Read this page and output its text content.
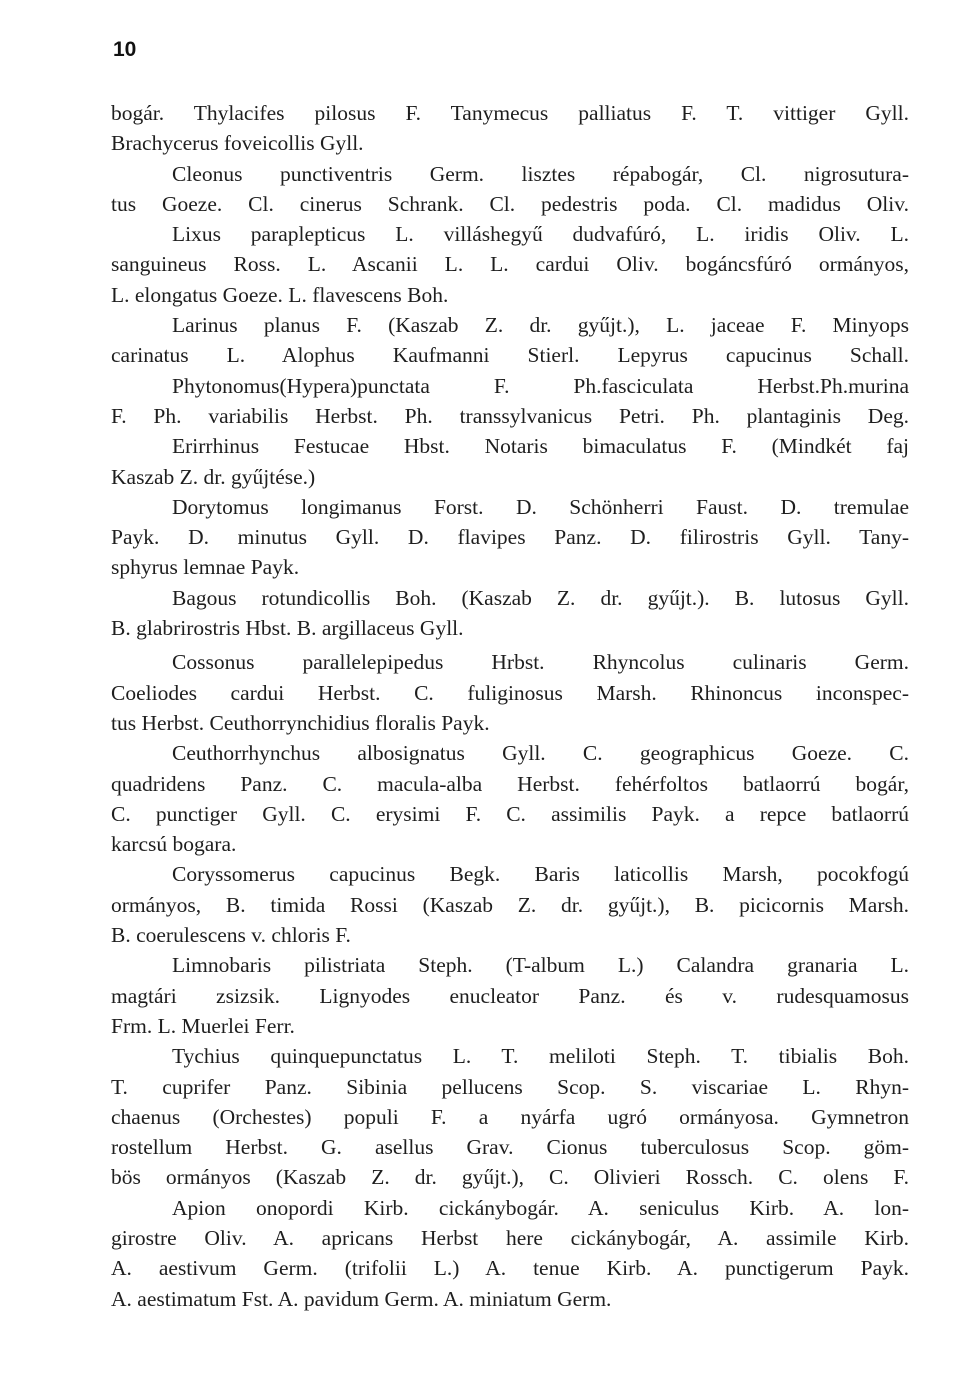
10
bogár. Thylacifes pilosus F. Tanymecus palliatus F. T. vittiger Gyll.
Brachycerus foveicollis Gyll.
Cleonus punctiventris Germ. lisztes répabogár, Cl. nigrosutura-
tus Goeze. Cl. cinerus Schrank. Cl. pedestris poda. Cl. madidus Oliv.
Lixus paraplepticus L. villáshegyű dudvafúró, L. iridis Oliv. L.
sanguineus Ross. L. Ascanii L. L. cardui Oliv. bogáncsfúró ormányos,
L. elongatus Goeze. L. flavescens Boh.
Larinus planus F. (Kaszab Z. dr. gyűjt.), L. jaceae F. Minyops
carinatus L. Alophus Kaufmanni Stierl. Lepyrus capucinus Schall.
Phytonomus(Hypera)punctata F. Ph.fasciculata Herbst.Ph.murina
F. Ph. variabilis Herbst. Ph. transsylvanicus Petri. Ph. plantaginis Deg.
Erirrhinus Festucae Hbst. Notaris bimaculatus F. (Mindkét faj
Kaszab Z. dr. gyűjtése.)
Dorytomus longimanus Forst. D. Schönherri Faust. D. tremulae
Payk. D. minutus Gyll. D. flavipes Panz. D. filirostris Gyll. Tany-
sphyrus lemnae Payk.
Bagous rotundicollis Boh. (Kaszab Z. dr. gyűjt.). B. lutosus Gyll.
B. glabrirostris Hbst. B. argillaceus Gyll.
Cossonus parallelepipedus Hrbst. Rhyncolus culinaris Germ.
Coeliodes cardui Herbst. C. fuliginosus Marsh. Rhinoncus inconspec-
tus Herbst. Ceuthorrynchidius floralis Payk.
Ceuthorrhynchus albosignatus Gyll. C. geographicus Goeze. C.
quadridens Panz. C. macula-alba Herbst. fehérfoltos batlaorrú bogár,
C. punctiger Gyll. C. erysimi F. C. assimilis Payk. a repce batlaorrú
karcsú bogara.
Coryssomerus capucinus Begk. Baris laticollis Marsh, pocokfogú
ormányos, B. timida Rossi (Kaszab Z. dr. gyűjt.), B. picicornis Marsh.
B. coerulescens v. chloris F.
Limnobaris pilistriata Steph. (T-album L.) Calandra granaria L.
magtári zsizsik. Lignyodes enucleator Panz. és v. rudesquamosus
Frm. L. Muerlei Ferr.
Tychius quinquepunctatus L. T. meliloti Steph. T. tibialis Boh.
T. cuprifer Panz. Sibinia pellucens Scop. S. viscariae L. Rhyn-
chaenus (Orchestes) populi F. a nyárfa ugró ormányosa. Gymnetron
rostellum Herbst. G. asellus Grav. Cionus tuberculosus Scop. göm-
bös ormányos (Kaszab Z. dr. gyűjt.), C. Olivieri Rossch. C. olens F.
Apion onopordi Kirb. cickánybogár. A. seniculus Kirb. A. lon-
girostre Oliv. A. apricans Herbst here cickánybogár, A. assimile Kirb.
A. aestivum Germ. (trifolii L.) A. tenue Kirb. A. punctigerum Payk.
A. aestimatum Fst. A. pavidum Germ. A. miniatum Germ.
